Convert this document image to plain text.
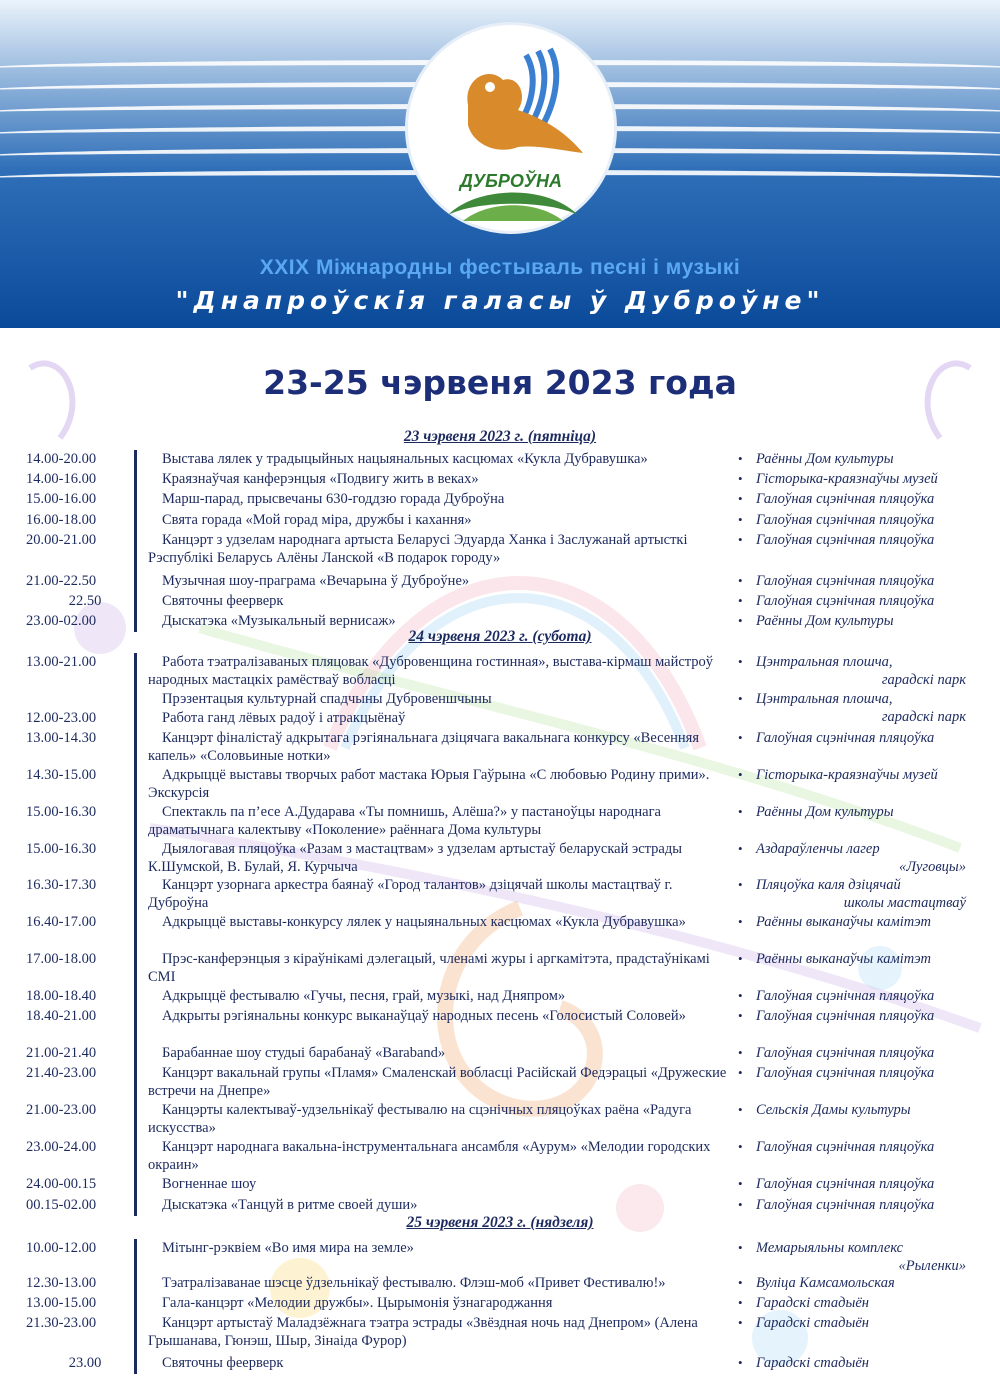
ДУБРОЎНА
XXIX Міжнародны фестываль песні і музыкі
"Днапроўскія галасы ў Дуброўне"
23-25 чэрвеня 2023 года
23 чэрвеня 2023 г. (пятніца)
14.00-20.00	Выстава лялек у традыцыйных нацыянальных касцюмах «Кукла Дубравушка»	• Раённы Дом культуры
14.00-16.00	Краязнаўчая канферэнцыя «Подвигу жить в веках»	• Гісторыка-краязнаўчы музей
15.00-16.00	Марш-парад, прысвечаны 630-годдзю горада Дуброўна	• Галоўная сцэнічная пляцоўка
16.00-18.00	Свята горада «Мой горад міра, дружбы і кахання»	• Галоўная сцэнічная пляцоўка
20.00-21.00	Канцэрт з удзелам народнага артыста Беларусі Эдуарда Ханка і Заслужанай артысткі Рэспублікі Беларусь Алёны Ланской «В подарок городу»
• Галоўная сцэнічная пляцоўка
21.00-22.50	Музычная шоу-праграма «Вечарына ў Дуброўне»	• Галоўная сцэнічная пляцоўка
22.50	Святочны феерверк	• Галоўная сцэнічная пляцоўка
23.00-02.00	Дыскатэка «Музыкальный вернисаж»	• Раённы Дом культуры
24 чэрвеня 2023 г. (субота)
13.00-21.00	Работа тэатралізаваных пляцовак «Дубровенщина гостинная», выстава-кірмаш майстроў народных мастацкіх рамёстваў вобласці
• Цэнтральная плошча,
гарадскі парк
Прэзентацыя культурнай спадчыны Дубровеншчыны	• Цэнтральная плошча,
гарадскі парк
12.00-23.00	Работа ганд лёвых радоў і атракцыёнаў
13.00-14.30	Канцэрт фіналістаў адкрытага рэгіянальнага дзіцячага вакальнага конкурсу «Весенняя капель» «Соловьиные нотки»
• Галоўная сцэнічная пляцоўка
14.30-15.00	Адкрыццё выставы творчых работ мастака Юрыя Гаўрына «С любовью Родину прими». Экскурсія
• Гісторыка-краязнаўчы музей
15.00-16.30	Спектакль па п’есе А.Дударава «Ты помнишь, Алёша?» у пастаноўцы народнага драматычнага калектыву «Поколение» раённага Дома культуры
• Раённы Дом культуры
15.00-16.30	Дыялогавая пляцоўка «Разам з мастацтвам» з удзелам артыстаў беларускай эстрады К.Шумской, В. Булай, Я. Курчыча
• Аздараўленчы лагер
«Луговцы»
16.30-17.30	Канцэрт узорнага аркестра баянаў «Город талантов» дзіцячай школы мастацтваў г. Дуброўна
• Пляцоўка каля дзіцячай
школы мастацтваў
16.40-17.00	Адкрыццё выставы-конкурсу лялек у нацыянальных касцюмах «Кукла Дубравушка»	• Раённы выканаўчы камітэт
17.00-18.00	Прэс-канферэнцыя з кіраўнікамі дэлегацый, членамі журы і аргкамітэта, прадстаўнікамі СМІ
• Раённы выканаўчы камітэт
18.00-18.40	Адкрыццё фестывалю «Гучы, песня, грай, музыкі, над Дняпром»	• Галоўная сцэнічная пляцоўка
18.40-21.00	Адкрыты рэгіянальны конкурс выканаўцаў народных песень «Голосистый Соловей»	• Галоўная сцэнічная пляцоўка
21.00-21.40	Барабаннае шоу студыі барабанаў «Baraband»	• Галоўная сцэнічная пляцоўка
21.40-23.00	Канцэрт вакальнай групы «Пламя» Смаленскай вобласці Расійскай Федэрацыі «Дружеские встречи на Днепре»
• Галоўная сцэнічная пляцоўка
21.00-23.00	Канцэрты калектываў-удзельнікаў фестывалю на сцэнічных пляцоўках раёна «Радуга искусства»
• Сельскія Дамы культуры
23.00-24.00	Канцэрт народнага вакальна-інструментальнага ансамбля «Аурум» «Мелодии городских окраин»
• Галоўная сцэнічная пляцоўка
24.00-00.15	Вогненнае шоу	• Галоўная сцэнічная пляцоўка
00.15-02.00	Дыскатэка «Танцуй в ритме своей души»	• Галоўная сцэнічная пляцоўка
25 чэрвеня 2023 г. (нядзеля)
10.00-12.00	Мітынг-рэквіем «Во имя мира на земле»	• Мемарыяльны комплекс
«Рыленки»
12.30-13.00	Тэатралізаванае шэсце ўдзельнікаў фестывалю. Флэш-моб «Привет Фестивалю!»	• Вуліца Камсамольская
13.00-15.00	Гала-канцэрт «Мелодии дружбы». Цырымонія ўзнагароджання	• Гарадскі стадыён
21.30-23.00	Канцэрт артыстаў Маладзёжнага тэатра эстрады «Звёздная ночь над Днепром» (Алена Грышанава, Гюнэш, Шыр, Зінаіда Фурор)
• Гарадскі стадыён
23.00	Святочны феерверк	• Гарадскі стадыён
